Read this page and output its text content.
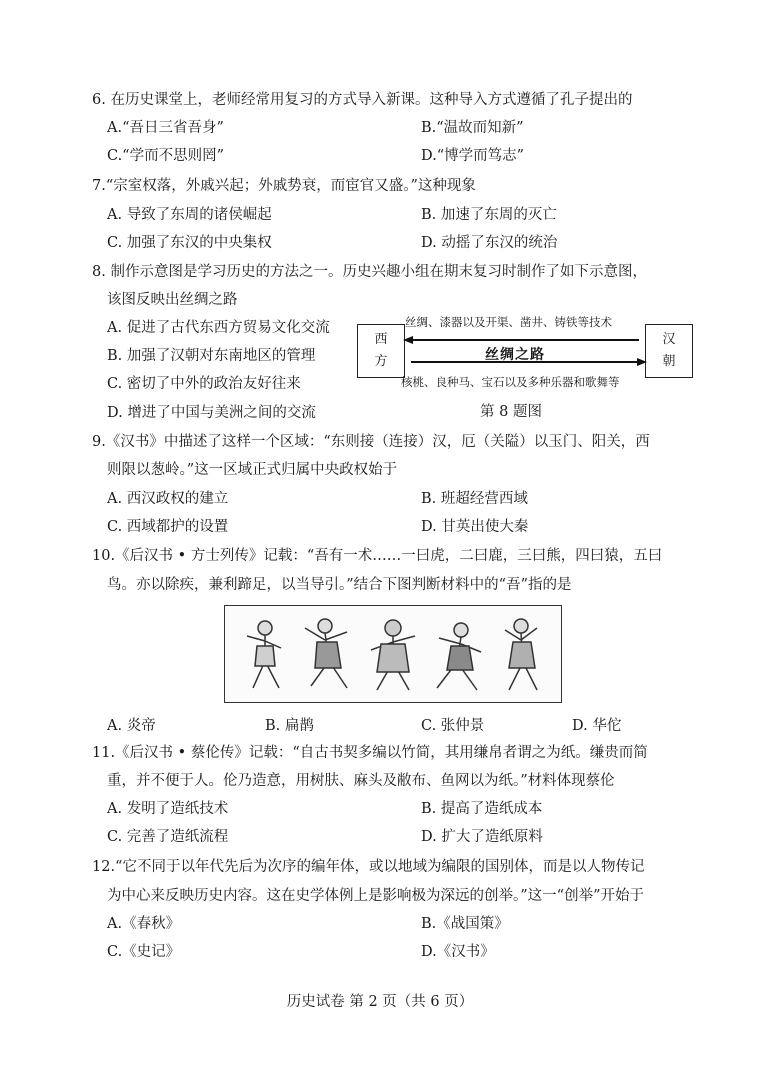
6. 在历史课堂上，老师经常用复习的方式导入新课。这种导入方式遵循了孔子提出的
A.“吾日三省吾身”	B.“温故而知新”
C.“学而不思则罔”	D.“博学而笃志”
7.“宗室权落，外戚兴起；外戚势衰，而宦官又盛。”这种现象
A. 导致了东周的诸侯崛起	B. 加速了东周的灭亡
C. 加强了东汉的中央集权	D. 动摇了东汉的统治
8. 制作示意图是学习历史的方法之一。历史兴趣小组在期末复习时制作了如下示意图，
该图反映出丝绸之路
A. 促进了古代东西方贸易文化交流
B. 加强了汉朝对东南地区的管理
C. 密切了中外的政治友好往来
D. 增进了中国与美洲之间的交流
西
方
汉
朝
丝绸、漆器以及开渠、凿井、铸铁等技术
丝绸之路
核桃、良种马、宝石以及多种乐器和歌舞等
第 8 题图
9.《汉书》中描述了这样一个区域：“东则接（连接）汉，厄（关隘）以玉门、阳关，西
则限以葱岭。”这一区域正式归属中央政权始于
A. 西汉政权的建立	B. 班超经营西域
C. 西域都护的设置	D. 甘英出使大秦
10.《后汉书 • 方士列传》记载：“吾有一术……一曰虎，二曰鹿，三曰熊，四曰猿，五曰
鸟。亦以除疾，兼利蹄足，以当导引。”结合下图判断材料中的“吾”指的是
A. 炎帝	B. 扁鹊	C. 张仲景	D. 华佗
11.《后汉书 • 蔡伦传》记载：“自古书契多编以竹简，其用缣帛者谓之为纸。缣贵而简
重，并不便于人。伦乃造意，用树肤、麻头及敝布、鱼网以为纸。”材料体现蔡伦
A. 发明了造纸技术	B. 提高了造纸成本
C. 完善了造纸流程	D. 扩大了造纸原料
12.“它不同于以年代先后为次序的编年体，或以地域为编限的国别体，而是以人物传记
为中心来反映历史内容。这在史学体例上是影响极为深远的创举。”这一“创举”开始于
A.《春秋》	B.《战国策》
C.《史记》	D.《汉书》
历史试卷 第 2 页（共 6 页）
